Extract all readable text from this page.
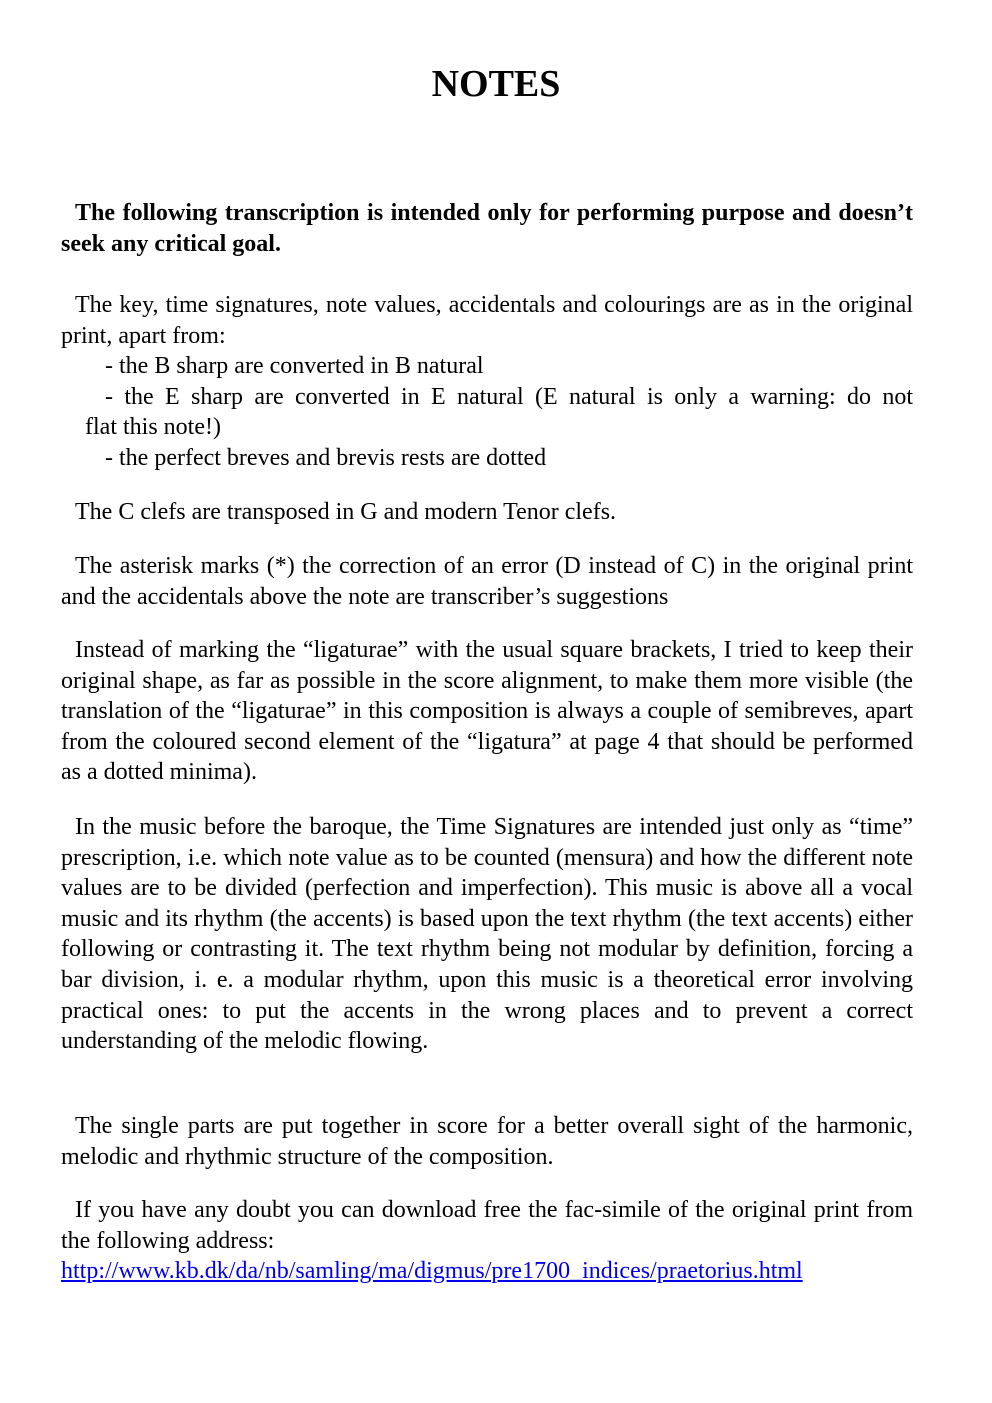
NOTES

The following transcription is intended only for performing purpose and doesn’t seek any critical goal.

The key, time signatures, note values, accidentals and colourings are as in the original print, apart from:
- the B sharp are converted in B natural
- the E sharp are converted in E natural (E natural is only a warning: do not
flat this note!)
- the perfect breves and brevis rests are dotted

The C clefs are transposed in G and modern Tenor clefs.

The asterisk marks (*) the correction of an error (D instead of C) in the original print and the accidentals above the note are transcriber’s suggestions

Instead of marking the “ligaturae” with the usual square brackets, I tried to keep their original shape, as far as possible in the score alignment, to make them more visible (the translation of the “ligaturae” in this composition is always a couple of semibreves, apart from the coloured second element of the “ligatura” at page 4 that should be performed as a dotted minima).

In the music before the baroque, the Time Signatures are intended just only as “time” prescription, i.e. which note value as to be counted (mensura) and how the different note values are to be divided (perfection and imperfection). This music is above all a vocal music and its rhythm (the accents) is based upon the text rhythm (the text accents) either following or contrasting it. The text rhythm being not modular by definition, forcing a bar division, i. e. a modular rhythm, upon this music is a theoretical error involving practical ones: to put the accents in the wrong places and to prevent a correct understanding of the melodic flowing.

The single parts are put together in score for a better overall sight of the harmonic, melodic and rhythmic structure of the composition.

If you have any doubt you can download free the fac-simile of the original print from the following address:
http://www.kb.dk/da/nb/samling/ma/digmus/pre1700_indices/praetorius.html
